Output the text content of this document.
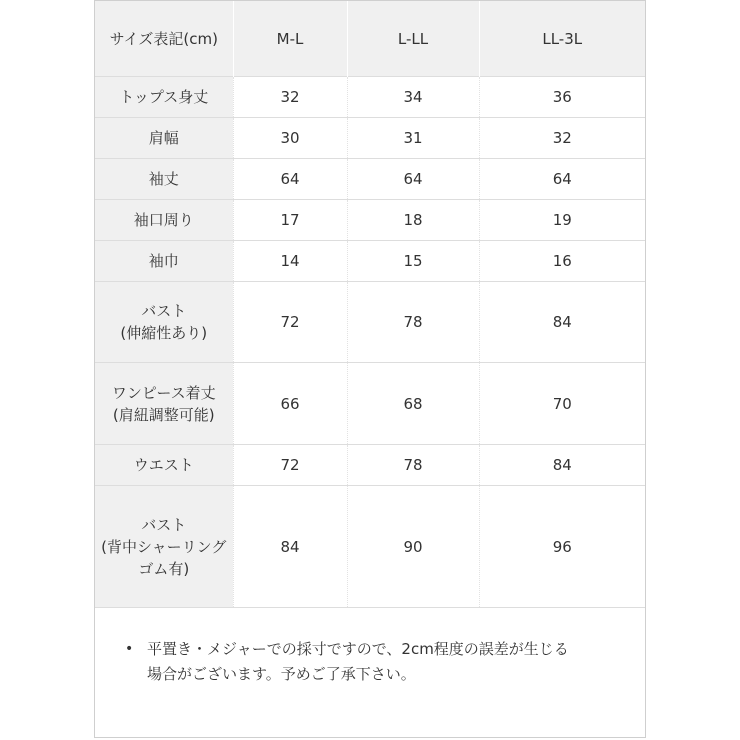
サイズ表記(cm)	M-L	L-LL	LL-3L
トップス身丈	32	34	36
肩幅	30	31	32
袖丈	64	64	64
袖口周り	17	18	19
袖巾	14	15	16
バスト
(伸縮性あり)	72	78	84
ワンピース着丈
(肩紐調整可能)	66	68	70
ウエスト	72	78	84
バスト
(背中シャーリング
ゴム有)	84	90	96
• 平置き・メジャーでの採寸ですので、2cm程度の誤差が生じる
場合がございます。予めご了承下さい。
